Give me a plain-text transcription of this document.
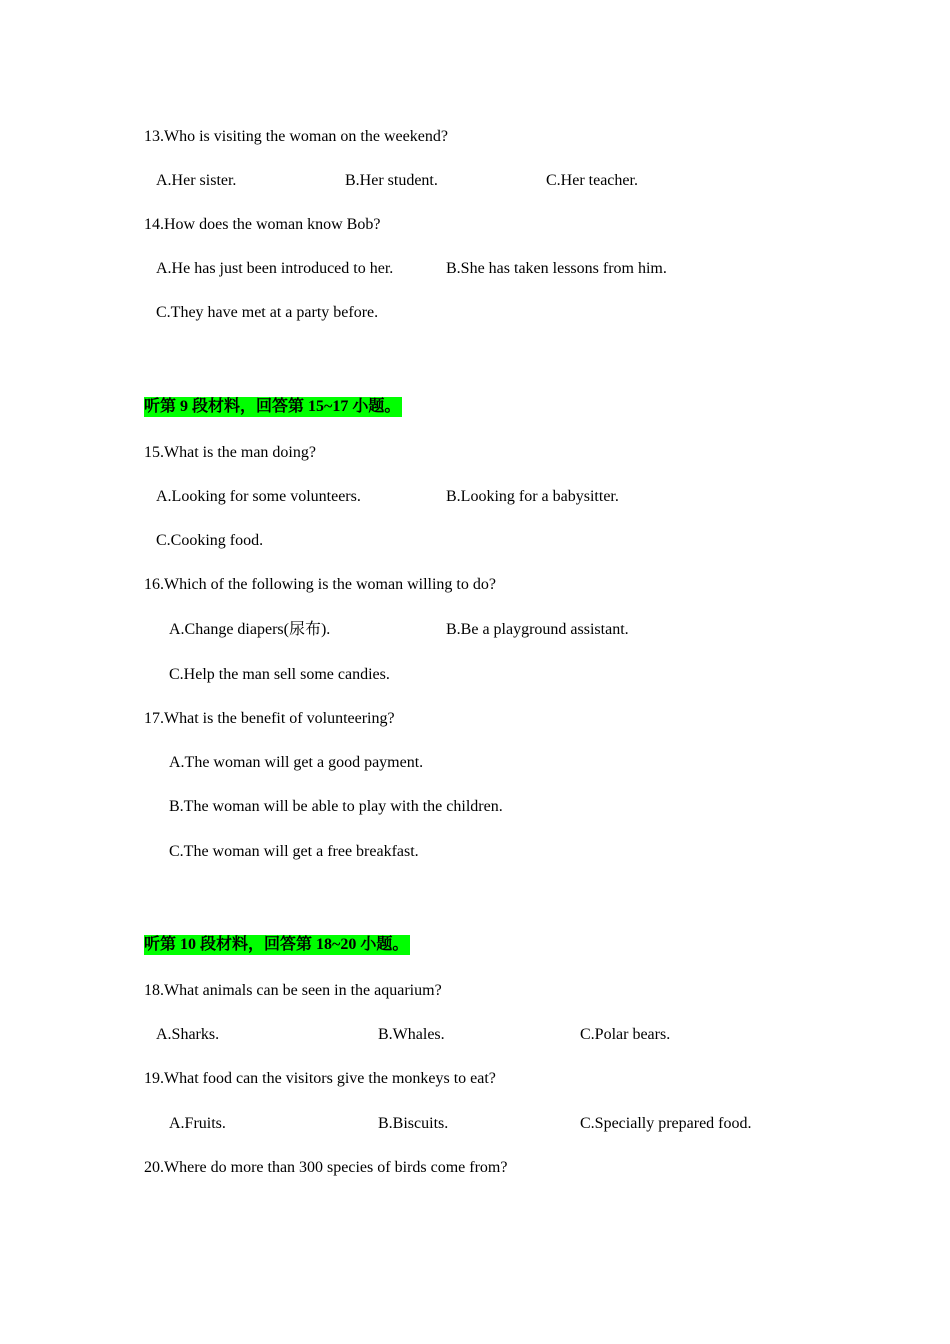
13.Who is visiting the woman on the weekend?
A.Her sister.	B.Her student.	C.Her teacher.
14.How does the woman know Bob?
A.He has just been introduced to her.	B.She has taken lessons from him.
C.They have met at a party before.
听第 9 段材料，回答第 15~17 小题。
15.What is the man doing?
A.Looking for some volunteers.	B.Looking for a babysitter.
C.Cooking food.
16.Which of the following is the woman willing to do?
A.Change diapers(尿布).	B.Be a playground assistant.
C.Help the man sell some candies.
17.What is the benefit of volunteering?
A.The woman will get a good payment.
B.The woman will be able to play with the children.
C.The woman will get a free breakfast.
听第 10 段材料，回答第 18~20 小题。
18.What animals can be seen in the aquarium?
A.Sharks.	B.Whales.	C.Polar bears.
19.What food can the visitors give the monkeys to eat?
A.Fruits.	B.Biscuits.	C.Specially prepared food.
20.Where do more than 300 species of birds come from?
